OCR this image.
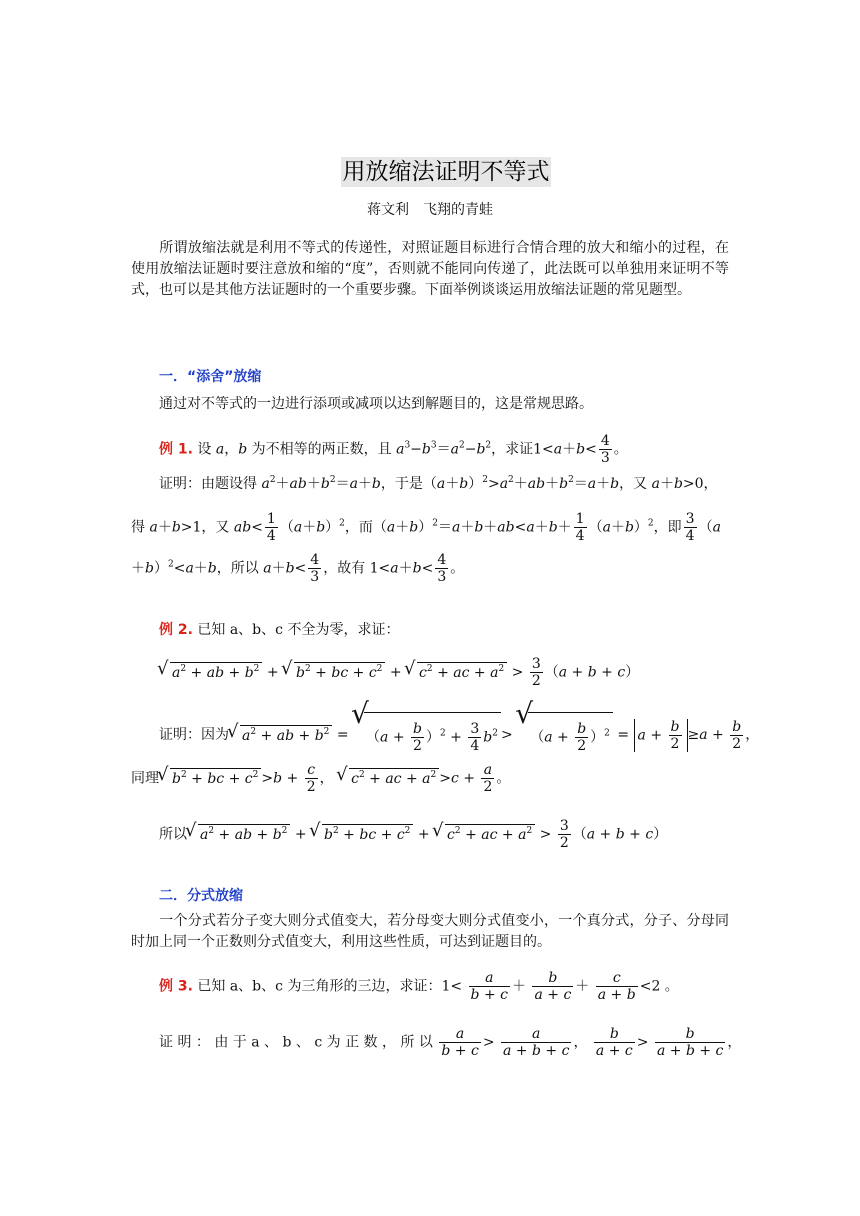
用放缩法证明不等式
蒋文利　飞翔的青蛙
所谓放缩法就是利用不等式的传递性，对照证题目标进行合情合理的放大和缩小的过程，在使用放缩法证题时要注意放和缩的“度”，否则就不能同向传递了，此法既可以单独用来证明不等式，也可以是其他方法证题时的一个重要步骤。下面举例谈谈运用放缩法证题的常见题型。
一．“添舍”放缩
通过对不等式的一边进行添项或减项以达到解题目的，这是常规思路。
例 1. 设 a，b 为不相等的两正数，且 $a^3-b^3=a^2-b^2$，求证$1<a+b< \frac{4}{3}$ 。
证明：由题设得 $a^2+ab+b^2=a+b$，于是$(a+b)^2>a^2+ab+b^2=a+b$，又 a＋b>0，
得 a＋b>1，又 $ab< \frac{1}{4} (a+b)^2$，而$(a+b)^2=a+b+ab<a+b+ \frac{1}{4} (a+b)^2$，即 $\frac{3}{4} (a$
＋b）$^2$<a＋b，所以 $a+b< \frac{4}{3}$ ，故有 $1<a+b< \frac{4}{3}$ 。
例 2. 已知 a、b、c 不全为零，求证：
√ $a^2$ + ab + $b^2$ + √ $b^2$ + bc + $c^2$ + √ $c^2$ + ac + $a^2 > \frac{3}{2} (a + b + c)$
证明：因为 √ $a^2$ + ab + $b^2$ = √ $(a + \frac{b}{2} )^2 + \frac{3}{4} b^2$ > √ $(a + \frac{b}{2} )^2 = a + \frac{b}{2} \ge a + \frac{b}{2}$ ，
同理 √ $b^2$ + bc + $c^2 >b + \frac{c}{2}$ ， √ $c^2$ + ac + $a^2 >c + \frac{a}{2}$ 。
所以 √ $a^2$ + ab + $b^2$ + √ $b^2$ + bc + $c^2$ + √ $c^2$ + ac + $a^2 > \frac{3}{2} (a + b + c)$
二．分式放缩
一个分式若分子变大则分式值变大，若分母变大则分式值变小，一个真分式，分子、分母同时加上同一个正数则分式值变大，利用这些性质，可达到证题目的。
例 3. 已知 a、b、c 为三角形的三边，求证：$1< \frac{a}{b + c} + \frac{b}{a + c} + \frac{c}{a + b} <2$ 。
证 明 ： 由 于 a 、 b 、 c 为 正 数 ， 所 以 $\frac{a}{b + c} > \frac{a}{a + b + c}$ ， $\frac{b}{a + c} > \frac{b}{a + b + c}$ ，
